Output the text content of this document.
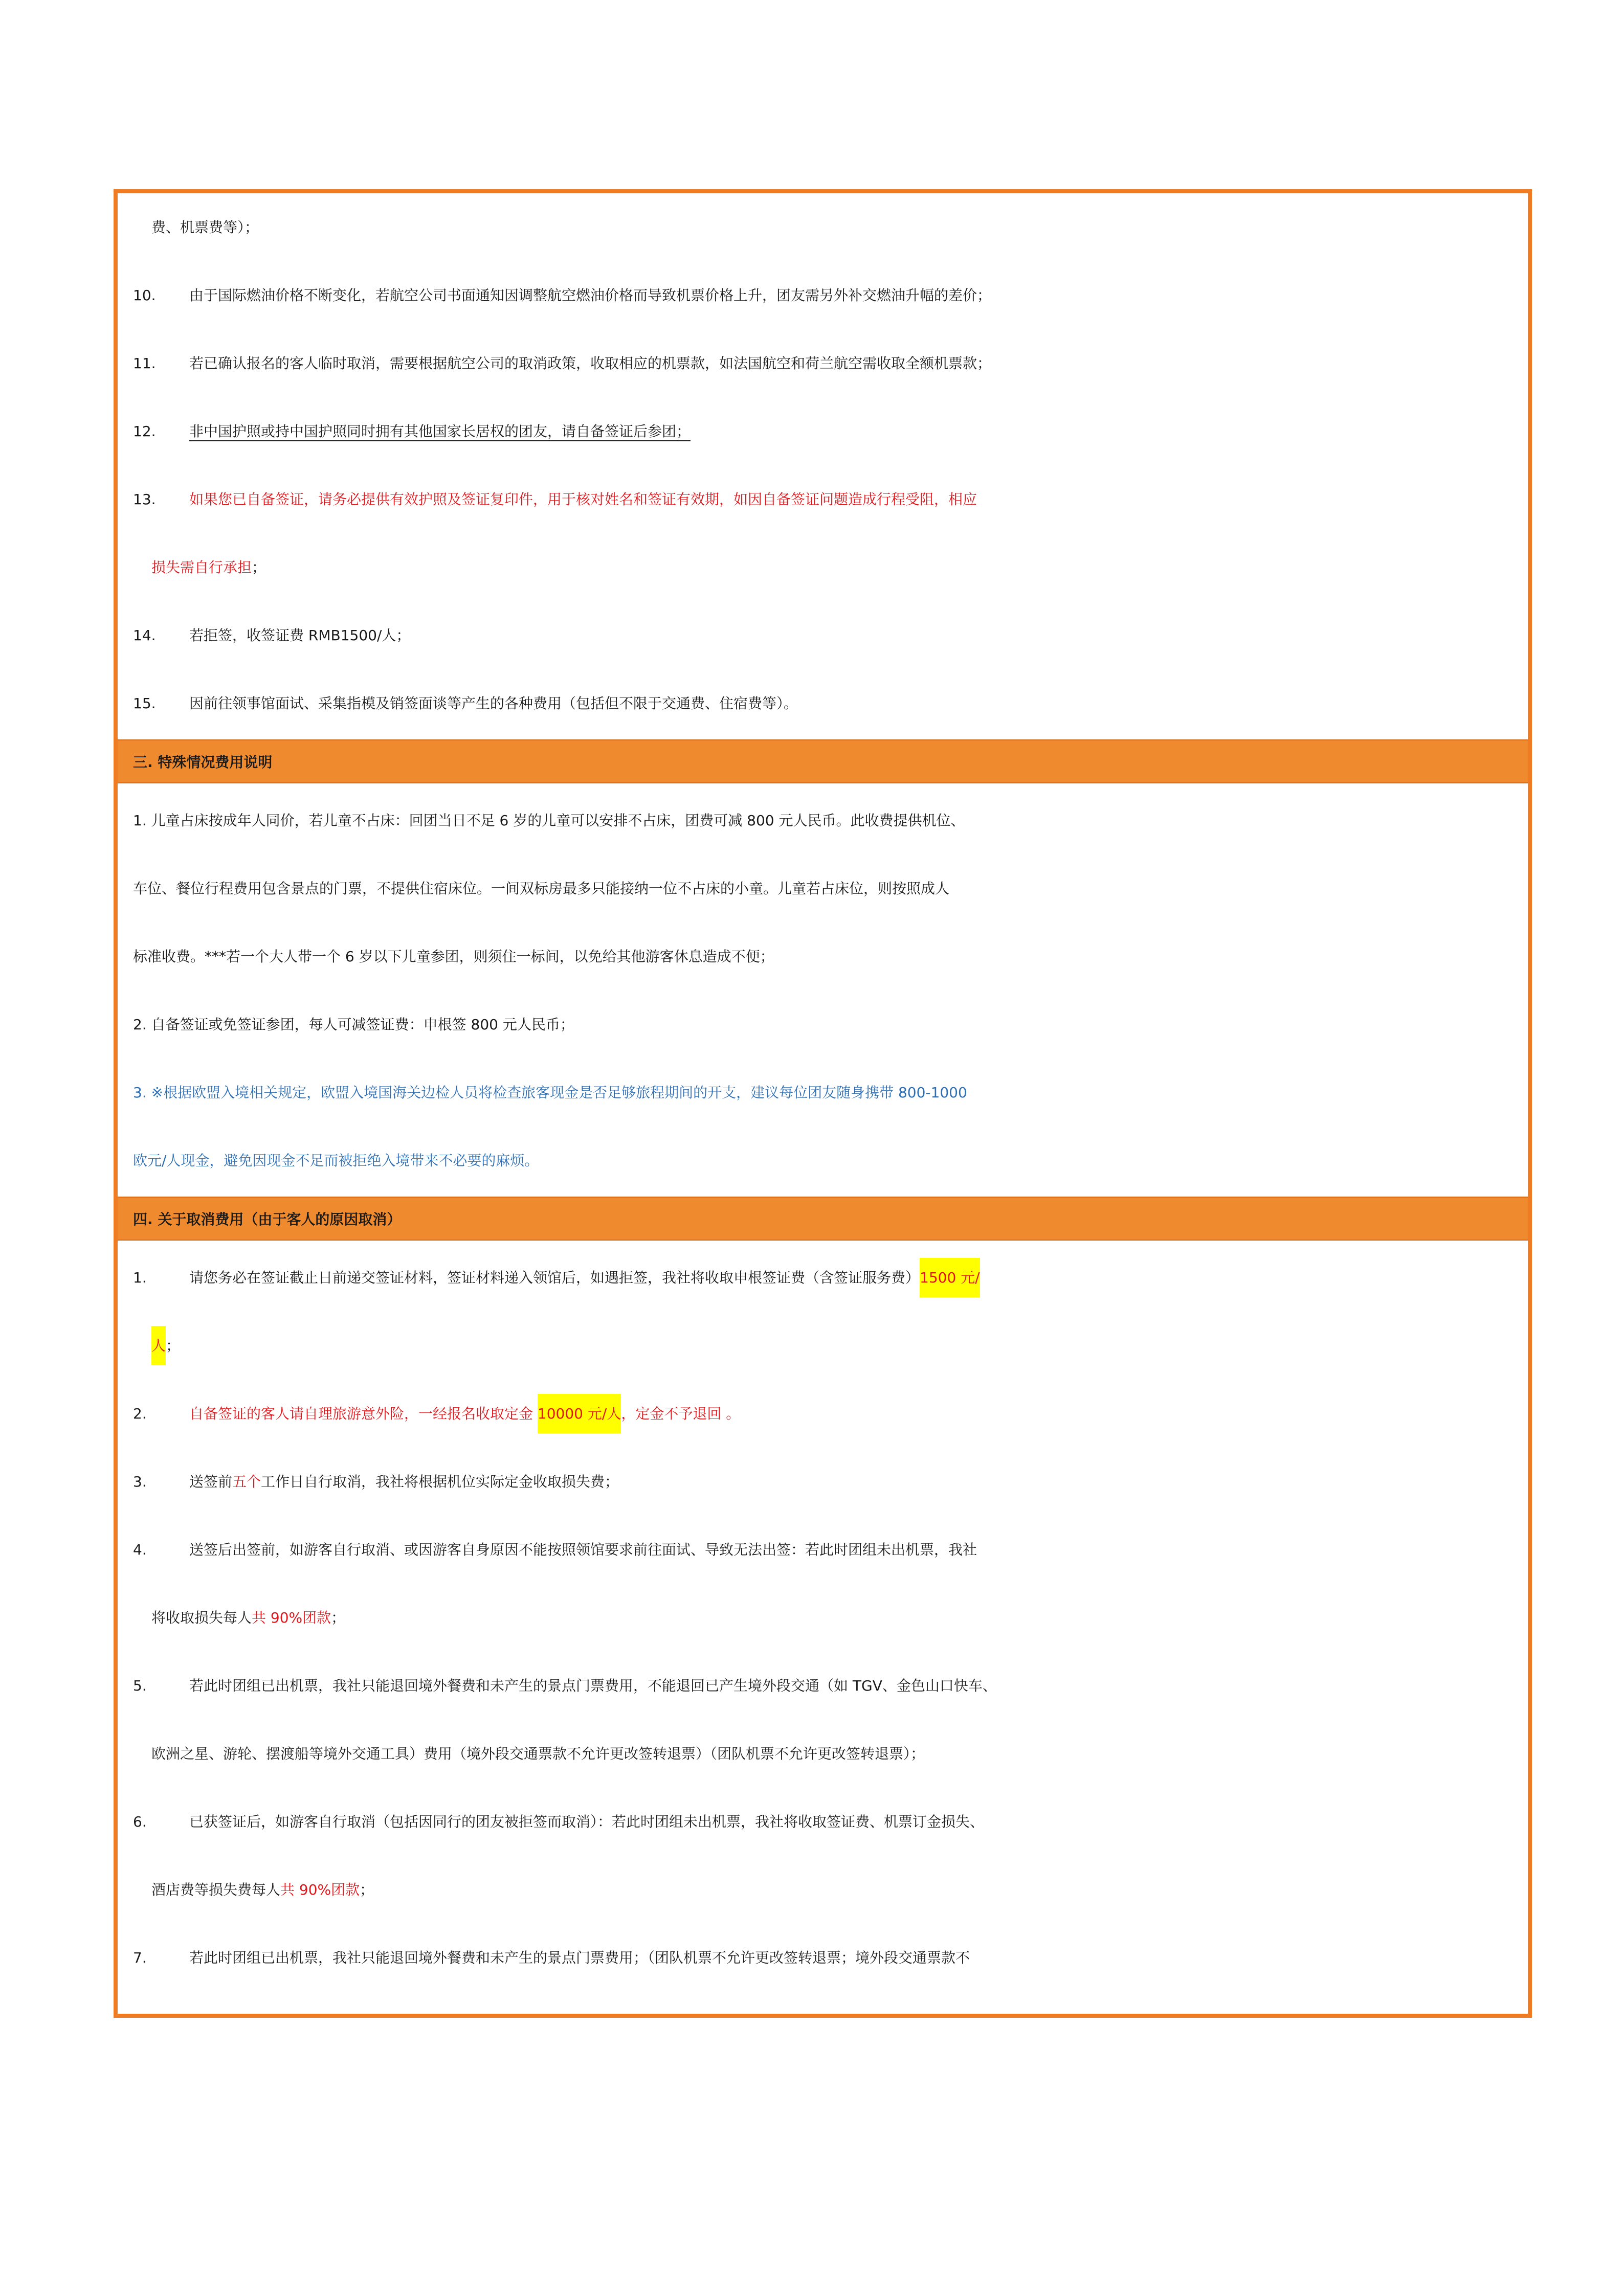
费、机票费等）；
10. 由于国际燃油价格不断变化，若航空公司书面通知因调整航空燃油价格而导致机票价格上升，团友需另外补交燃油升幅的差价；
11. 若已确认报名的客人临时取消，需要根据航空公司的取消政策，收取相应的机票款，如法国航空和荷兰航空需收取全额机票款；
12. 非中国护照或持中国护照同时拥有其他国家长居权的团友，请自备签证后参团；
13. 如果您已自备签证，请务必提供有效护照及签证复印件，用于核对姓名和签证有效期，如因自备签证问题造成行程受阻，相应
损失需自行承担；
14. 若拒签，收签证费 RMB1500/人；
15. 因前往领事馆面试、采集指模及销签面谈等产生的各种费用（包括但不限于交通费、住宿费等）。
三. 特殊情况费用说明
1. 儿童占床按成年人同价，若儿童不占床：回团当日不足 6 岁的儿童可以安排不占床，团费可减 800 元人民币。此收费提供机位、
车位、餐位行程费用包含景点的门票，不提供住宿床位。一间双标房最多只能接纳一位不占床的小童。儿童若占床位，则按照成人
标准收费。***若一个大人带一个 6 岁以下儿童参团，则须住一标间，以免给其他游客休息造成不便；
2. 自备签证或免签证参团，每人可减签证费：申根签 800 元人民币；
3. ※根据欧盟入境相关规定，欧盟入境国海关边检人员将检查旅客现金是否足够旅程期间的开支，建议每位团友随身携带 800-1000
欧元/人现金，避免因现金不足而被拒绝入境带来不必要的麻烦。
四. 关于取消费用（由于客人的原因取消）
1.	请您务必在签证截止日前递交签证材料，签证材料递入领馆后，如遇拒签，我社将收取申根签证费（含签证服务费）1500 元/
人；
2.	自备签证的客人请自理旅游意外险，一经报名收取定金 10000 元/人，定金不予退回 。
3.	送签前五个工作日自行取消，我社将根据机位实际定金收取损失费；
4.	送签后出签前，如游客自行取消、或因游客自身原因不能按照领馆要求前往面试、导致无法出签：若此时团组未出机票，我社
将收取损失每人共 90%团款；
5.	若此时团组已出机票，我社只能退回境外餐费和未产生的景点门票费用，不能退回已产生境外段交通（如 TGV、金色山口快车、
欧洲之星、游轮、摆渡船等境外交通工具）费用（境外段交通票款不允许更改签转退票）（团队机票不允许更改签转退票）；
6.	已获签证后，如游客自行取消（包括因同行的团友被拒签而取消）：若此时团组未出机票，我社将收取签证费、机票订金损失、
酒店费等损失费每人共 90%团款；
7.	若此时团组已出机票，我社只能退回境外餐费和未产生的景点门票费用；（团队机票不允许更改签转退票；境外段交通票款不
